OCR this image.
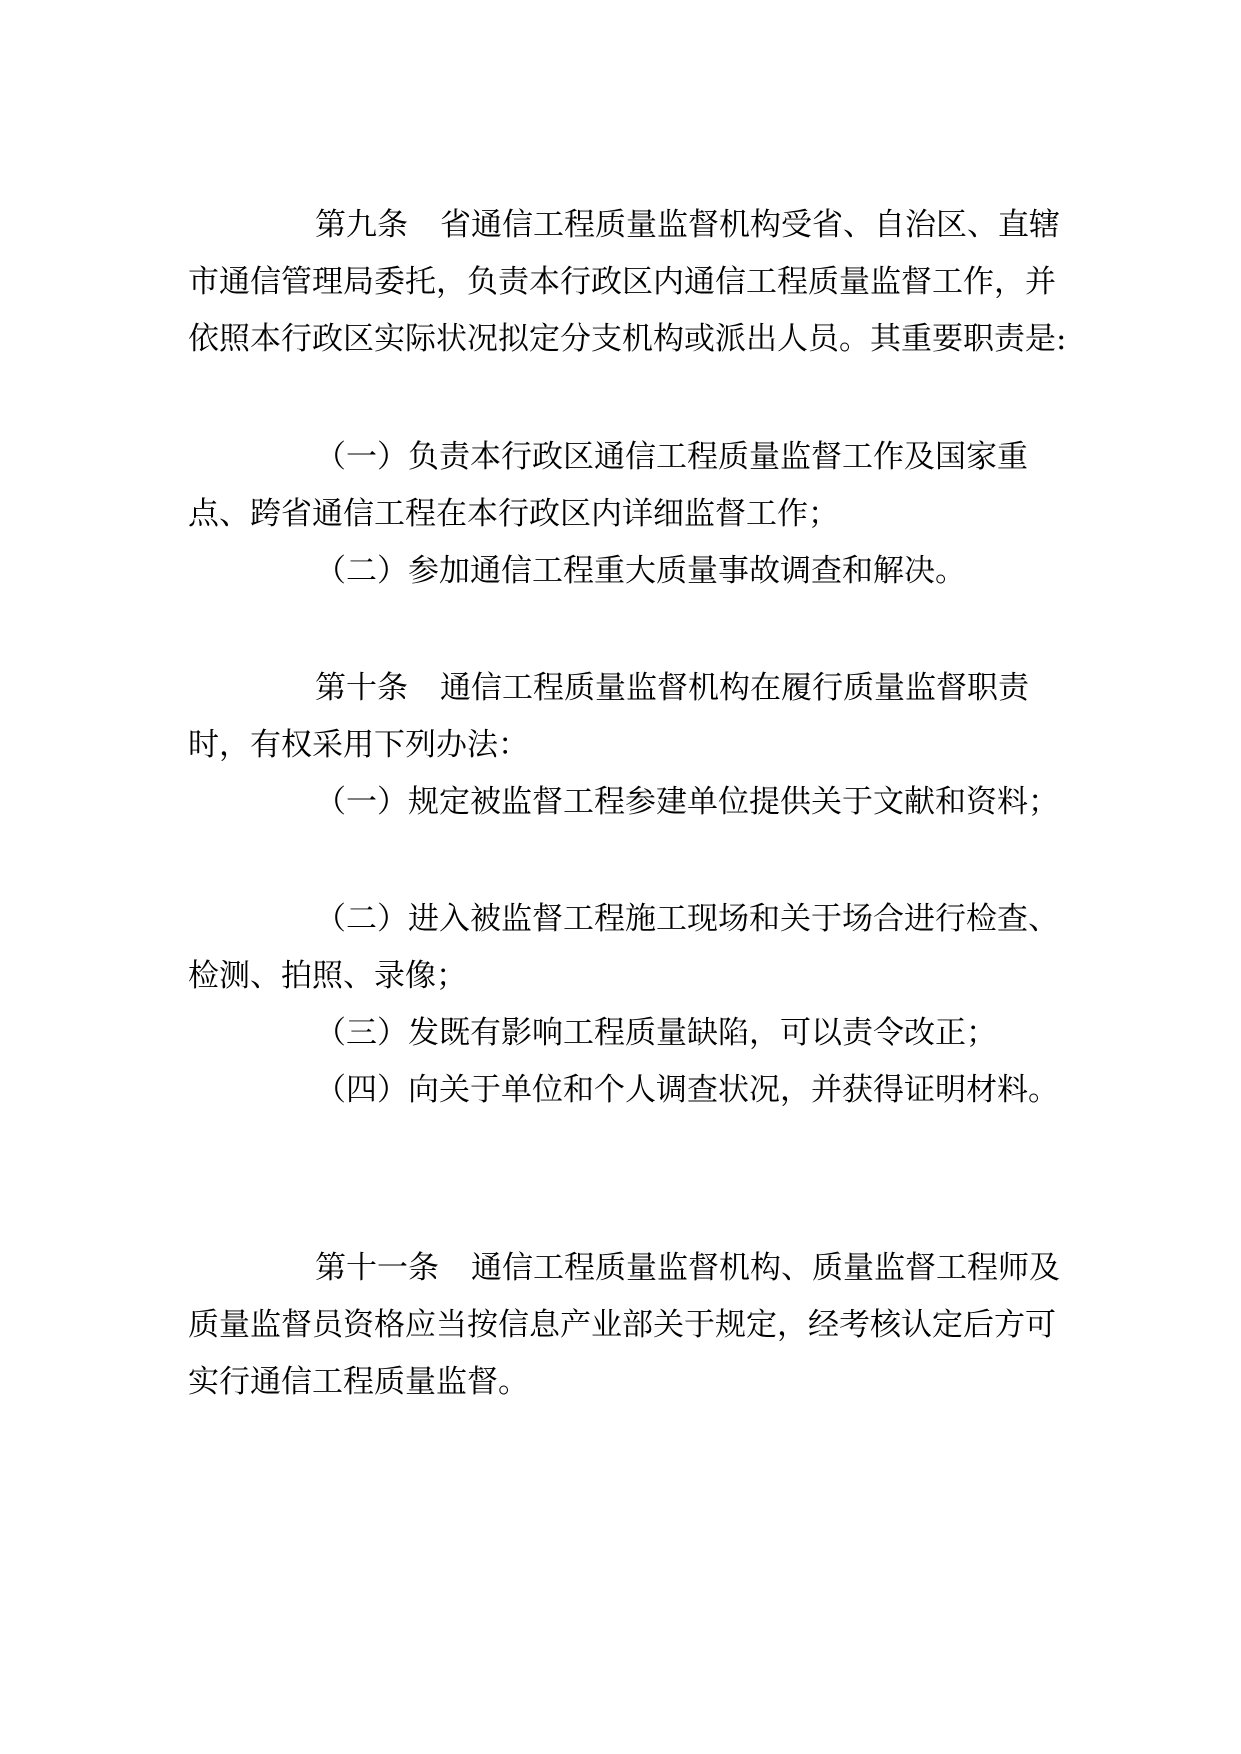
第九条 省通信工程质量监督机构受省、自治区、直辖

市通信管理局委托，负责本行政区内通信工程质量监督工作，并

依照本行政区实际状况拟定分支机构或派出人员。其重要职责是:

（一）负责本行政区通信工程质量监督工作及国家重

点、跨省通信工程在本行政区内详细监督工作；

（二）参加通信工程重大质量事故调查和解决。

第十条 通信工程质量监督机构在履行质量监督职责

时，有权采用下列办法：

（一）规定被监督工程参建单位提供关于文献和资料；

（二）进入被监督工程施工现场和关于场合进行检查、

检测、拍照、录像；

（三）发既有影响工程质量缺陷，可以责令改正；

（四）向关于单位和个人调查状况，并获得证明材料。

第十一条 通信工程质量监督机构、质量监督工程师及

质量监督员资格应当按信息产业部关于规定，经考核认定后方可

实行通信工程质量监督。
